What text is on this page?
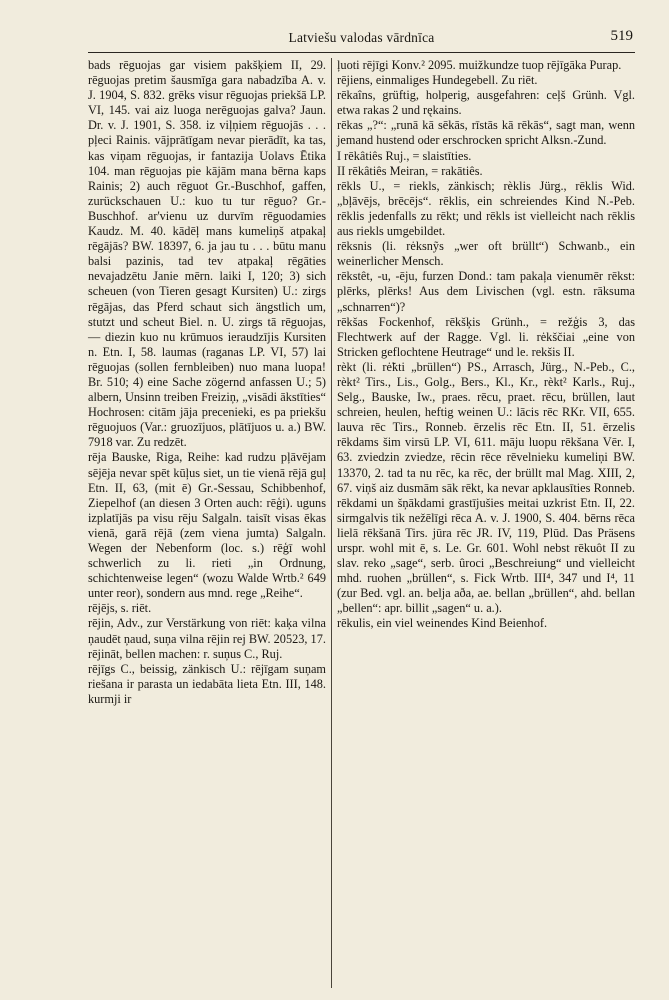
Latviešu valodas vārdnīca	519

bads rēguojas gar visiem pakšķiem II, 29. rēguojas pretim šausmīga gara nabadzība A. v. J. 1904, S. 832. grēks visur rēguojas priekšā LP. VI, 145. vai aiz luoga nerēguojas galva? Jaun. Dr. v. J. 1901, S. 358. iz viļņiem rēguojās . . . pļeci Rainis. vājprātīgam nevar pierādīt, ka tas, kas viņam rēguojas, ir fantazija Uolavs Ētika 104. man rēguojas pie kājām mana bērna kaps Rainis; 2) auch rēguot Gr.-Buschhof, gaffen, zurückschauen U.: kuo tu tur rēguo? Gr.-Buschhof. ar'vienu uz durvīm rēguodamies Kaudz. M. 40. kādēļ mans kumeliņš atpakaļ rēgājās? BW. 18397, 6. ja jau tu . . . būtu manu balsi pazinis, tad tev atpakaļ rēgāties nevajadzētu Janie mērn. laiki I, 120; 3) sich scheuen (von Tieren gesagt Kursiten) U.: zirgs rēgājas, das Pferd schaut sich ängstlich um, stutzt und scheut Biel. n. U. zirgs tā rēguojas, — diezin kuo nu krūmuos ieraudzījis Kursiten n. Etn. I, 58. laumas (raganas LP. VI, 57) lai rēguojas (sollen fernbleiben) nuo mana luopa! Br. 510; 4) eine Sache zögernd anfassen U.; 5) albern, Unsinn treiben Freiziņ, „visādi ākstīties“ Hochrosen: citām jāja precenieki, es pa priekšu rēguojuos (Var.: gruozījuos, plātījuos u. a.) BW. 7918 var. Zu redzēt.

rēja Bauske, Riga, Reihe: kad rudzu pļāvējam sējēja nevar spēt kūļus siet, un tie vienā rējā guļ Etn. II, 63, (mit ē) Gr.-Sessau, Schibbenhof, Ziepelhof (an diesen 3 Orten auch: rēģi). uguns izplatījās pa visu rēju Salgaln. taisīt visas ēkas vienā, garā rējā (zem viena jumta) Salgaln. Wegen der Nebenform (loc. s.) rēģī wohl schwerlich zu li. rieti „in Ordnung, schichtenweise legen“ (wozu Walde Wrtb.² 649 unter reor), sondern aus mnd. rege „Reihe“.

rējējs, s. riēt.

rējin, Adv., zur Verstärkung von riēt: kaķa vilna ņaudēt ņaud, suņa vilna rējin rej BW. 20523, 17.

rējināt, bellen machen: r. suņus C., Ruj.

rējīgs C., beissig, zänkisch U.: rējīgam suņam riešana ir parasta un iedabāta lieta Etn. III, 148. kurmji ir

ļuoti rējīgi Konv.² 2095. muižkundze tuop rējīgāka Purap.

rējiens, einmaliges Hundegebell. Zu riēt.

rēkaîns, grüftig, holperig, ausgefahren: ceļš Grünh. Vgl. etwa rakas 2 und rękains.

rēkas „?“: „runā kā sēkās, rīstās kā rēkās“, sagt man, wenn jemand hustend oder erschrocken spricht Alksn.-Zund.

I rēkâtiês Ruj., = slaistīties.

II rēkâtiês Meiran, = rakātiês.

rēkls U., = riekls, zänkisch; rèklis Jürg., rēklis Wid. „bļāvējs, brēcējs“. rēklis, ein schreiendes Kind N.-Peb. rēklis jedenfalls zu rēkt; und rēkls ist vielleicht nach rēklis aus riekls umgebildet.

rēksnis (li. rėksnỹs „wer oft brüllt“) Schwanb., ein weinerlicher Mensch.

rēkstêt, -u, -ēju, furzen Dond.: tam pakaļa vienumēr rēkst: plērks, plērks! Aus dem Livischen (vgl. estn. rāksuma „schnarren“)?

rēkšas Fockenhof, rēkšķis Grünh., = režģis 3, das Flechtwerk auf der Ragge. Vgl. li. rėkščiai „eine von Stricken geflochtene Heutrage“ und le. rekšis II.

rèkt (li. rė̃kti „brüllen“) PS., Arrasch, Jürg., N.-Peb., C., rèkt² Tirs., Lis., Golg., Bers., Kl., Kr., rèkt² Karls., Ruj., Selg., Bauske, Iw., praes. rēcu, praet. rēcu, brüllen, laut schreien, heulen, heftig weinen U.: lācis rēc RKr. VII, 655. lauva rēc Tirs., Ronneb. ērzelis rēc Etn. II, 51. ērzelis rēkdams šim virsū LP. VI, 611. māju luopu rēkšana Vēr. I, 63. zviedzin zviedze, rēcin rēce rēvelnieku kumeliņi BW. 13370, 2. tad ta nu rēc, ka rēc, der brüllt mal Mag. XIII, 2, 67. viņš aiz dusmām sāk rēkt, ka nevar apklausīties Ronneb. rēkdami un šņākdami grastījušies meitai uzkrist Etn. II, 22. sirmgalvis tik nežēlīgi rēca A. v. J. 1900, S. 404. bērns rēca lielā rēkšanā Tirs. jūra rēc JR. IV, 119, Plūd. Das Präsens urspr. wohl mit ē, s. Le. Gr. 601. Wohl nebst rēkuôt II zu slav. reko „sage“, serb. ûroci „Beschreiung“ und vielleicht mhd. ruohen „brüllen“, s. Fick Wrtb. III⁴, 347 und I⁴, 11 (zur Bed. vgl. an. belja aða, ae. bellan „brüllen“, ahd. bellan „bellen“: apr. billit „sagen“ u. a.).

rēkulis, ein viel weinendes Kind Beienhof.
